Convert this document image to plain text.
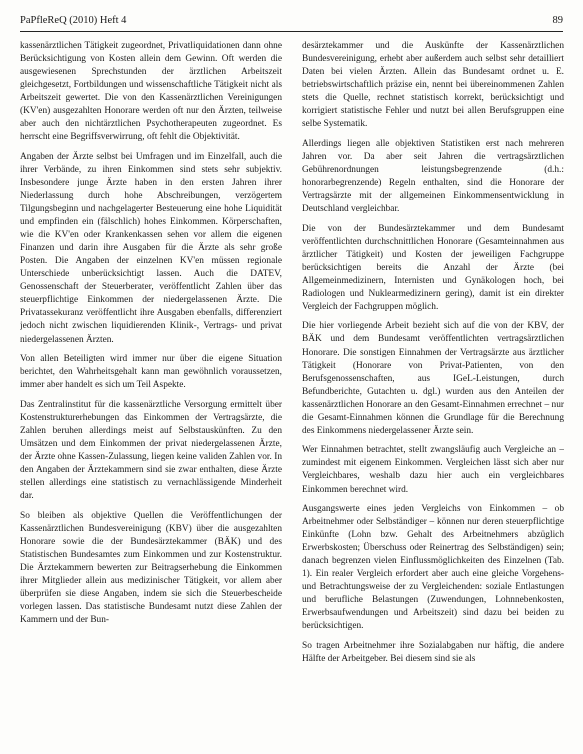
PaPfleReQ (2010) Heft 4	89

kassenärztlichen Tätigkeit zugeordnet, Privatliquidationen dann ohne Berücksichtigung von Kosten allein dem Gewinn. Oft werden die ausgewiesenen Sprechstunden der ärztlichen Arbeitszeit gleichgesetzt, Fortbildungen und wissenschaftliche Tätigkeit nicht als Arbeitszeit gewertet. Die von den Kassenärztlichen Vereinigungen (KV'en) ausgezahlten Honorare werden oft nur den Ärzten, teilweise aber auch den nichtärztlichen Psychotherapeuten zugeordnet. Es herrscht eine Begriffsverwirrung, oft fehlt die Objektivität.

Angaben der Ärzte selbst bei Umfragen und im Einzelfall, auch die ihrer Verbände, zu ihren Einkommen sind stets sehr subjektiv. Insbesondere junge Ärzte haben in den ersten Jahren ihrer Niederlassung durch hohe Abschreibungen, verzögertem Tilgungsbeginn und nachgelagerter Besteuerung eine hohe Liquidität und empfinden ein (fälschlich) hohes Einkommen. Körperschaften, wie die KV'en oder Krankenkassen sehen vor allem die eigenen Finanzen und darin ihre Ausgaben für die Ärzte als sehr große Posten. Die Angaben der einzelnen KV'en müssen regionale Unterschiede unberücksichtigt lassen. Auch die DATEV, Genossenschaft der Steuerberater, veröffentlicht Zahlen über das steuerpflichtige Einkommen der niedergelassenen Ärzte. Die Privatassekuranz veröffentlicht ihre Ausgaben ebenfalls, differenziert jedoch nicht zwischen liquidierenden Klinik-, Vertrags- und privat niedergelassenen Ärzten.

Von allen Beteiligten wird immer nur über die eigene Situation berichtet, den Wahrheitsgehalt kann man gewöhnlich voraussetzen, immer aber handelt es sich um Teil Aspekte.

Das Zentralinstitut für die kassenärztliche Versorgung ermittelt über Kostenstrukturerhebungen das Einkommen der Vertragsärzte, die Zahlen beruhen allerdings meist auf Selbstauskünften. Zu den Umsätzen und dem Einkommen der privat niedergelassenen Ärzte, der Ärzte ohne Kassen-Zulassung, liegen keine validen Zahlen vor. In den Angaben der Ärztekammern sind sie zwar enthalten, diese Ärzte stellen allerdings eine statistisch zu vernachlässigende Minderheit dar.

So bleiben als objektive Quellen die Veröffentlichungen der Kassenärztlichen Bundesvereinigung (KBV) über die ausgezahlten Honorare sowie die der Bundesärztekammer (BÄK) und des Statistischen Bundesamtes zum Einkommen und zur Kostenstruktur. Die Ärztekammern bewerten zur Beitragserhebung die Einkommen ihrer Mitglieder allein aus medizinischer Tätigkeit, vor allem aber überprüfen sie diese Angaben, indem sie sich die Steuerbescheide vorlegen lassen. Das statistische Bundesamt nutzt diese Zahlen der Kammern und der Bun-

desärztekammer und die Auskünfte der Kassenärztlichen Bundesvereinigung, erhebt aber außerdem auch selbst sehr detailliert Daten bei vielen Ärzten. Allein das Bundesamt ordnet u. E. betriebswirtschaftlich präzise ein, nennt bei übereinommenen Zahlen stets die Quelle, rechnet statistisch korrekt, berücksichtigt und korrigiert statistische Fehler und nutzt bei allen Berufsgruppen eine selbe Systematik.

Allerdings liegen alle objektiven Statistiken erst nach mehreren Jahren vor. Da aber seit Jahren die vertragsärztlichen Gebührenordnungen leistungsbegrenzende (d.h.: honorarbegrenzende) Regeln enthalten, sind die Honorare der Vertragsärzte mit der allgemeinen Einkommensentwicklung in Deutschland vergleichbar.

Die von der Bundesärztekammer und dem Bundesamt veröffentlichten durchschnittlichen Honorare (Gesamteinnahmen aus ärztlicher Tätigkeit) und Kosten der jeweiligen Fachgruppe berücksichtigen bereits die Anzahl der Ärzte (bei Allgemeinmedizinern, Internisten und Gynäkologen hoch, bei Radiologen und Nuklearmedizinern gering), damit ist ein direkter Vergleich der Fachgruppen möglich.

Die hier vorliegende Arbeit bezieht sich auf die von der KBV, der BÄK und dem Bundesamt veröffentlichten vertragsärztlichen Honorare. Die sonstigen Einnahmen der Vertragsärzte aus ärztlicher Tätigkeit (Honorare von Privat-Patienten, von den Berufsgenossenschaften, aus IGeL-Leistungen, durch Befundberichte, Gutachten u. dgl.) wurden aus den Anteilen der kassenärztlichen Honorare an den Gesamt-Einnahmen errechnet – nur die Gesamt-Einnahmen können die Grundlage für die Berechnung des Einkommens niedergelassener Ärzte sein.

Wer Einnahmen betrachtet, stellt zwangsläufig auch Vergleiche an – zumindest mit eigenem Einkommen. Vergleichen lässt sich aber nur Vergleichbares, weshalb dazu hier auch ein vergleichbares Einkommen berechnet wird.

Ausgangswerte eines jeden Vergleichs von Einkommen – ob Arbeitnehmer oder Selbständiger – können nur deren steuerpflichtige Einkünfte (Lohn bzw. Gehalt des Arbeitnehmers abzüglich Erwerbskosten; Überschuss oder Reinertrag des Selbständigen) sein; danach begrenzen vielen Einflussmöglichkeiten des Einzelnen (Tab. 1). Ein realer Vergleich erfordert aber auch eine gleiche Vorgehens- und Betrachtungsweise der zu Vergleichenden: soziale Entlastungen und berufliche Belastungen (Zuwendungen, Lohnnebenkosten, Erwerbsaufwendungen und Arbeitszeit) sind dazu bei beiden zu berücksichtigen.

So tragen Arbeitnehmer ihre Sozialabgaben nur häftig, die andere Hälfte der Arbeitgeber. Bei diesem sind sie als
